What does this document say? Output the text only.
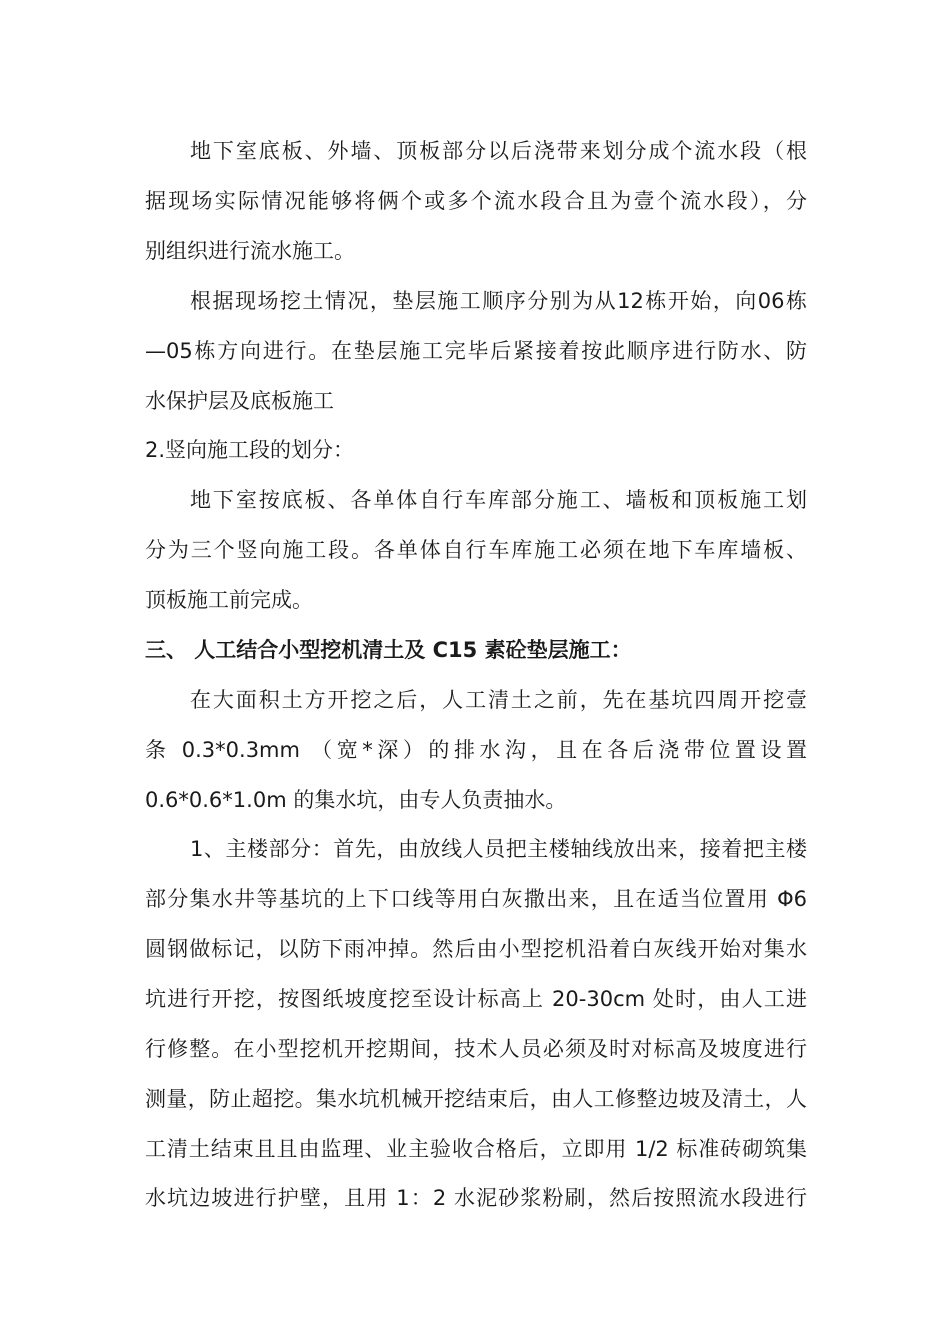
地下室底板、外墙、顶板部分以后浇带来划分成个流水段（根
据现场实际情况能够将俩个或多个流水段合且为壹个流水段），分
别组织进行流水施工。
根据现场挖土情况，垫层施工顺序分别为从12栋开始，向06栋
—05栋方向进行。在垫层施工完毕后紧接着按此顺序进行防水、防
水保护层及底板施工
2.竖向施工段的划分：
地下室按底板、各单体自行车库部分施工、墙板和顶板施工划
分为三个竖向施工段。各单体自行车库施工必须在地下车库墙板、
顶板施工前完成。
三、 人工结合小型挖机清土及 C15 素砼垫层施工：
在大面积土方开挖之后，人工清土之前，先在基坑四周开挖壹
条 0.3*0.3mm （宽*深）的排水沟，且在各后浇带位置设置
0.6*0.6*1.0m 的集水坑，由专人负责抽水。
1、主楼部分：首先，由放线人员把主楼轴线放出来，接着把主楼
部分集水井等基坑的上下口线等用白灰撒出来，且在适当位置用 Φ6
圆钢做标记，以防下雨冲掉。然后由小型挖机沿着白灰线开始对集水
坑进行开挖，按图纸坡度挖至设计标高上 20-30cm 处时，由人工进
行修整。在小型挖机开挖期间，技术人员必须及时对标高及坡度进行
测量，防止超挖。集水坑机械开挖结束后，由人工修整边坡及清土，人
工清土结束且且由监理、业主验收合格后，立即用 1/2 标准砖砌筑集
水坑边坡进行护壁，且用 1：2 水泥砂浆粉刷，然后按照流水段进行
